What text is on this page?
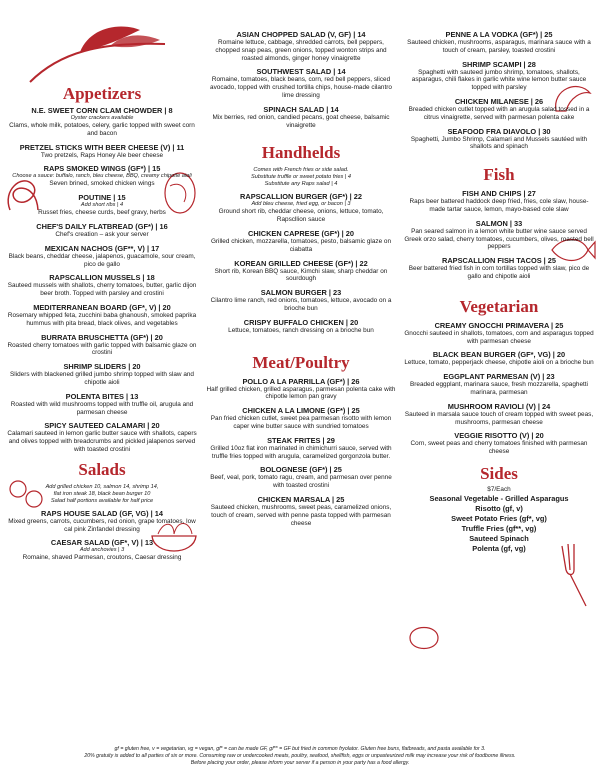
Appetizers
N.E. SWEET CORN CLAM CHOWDER | 8
Oyster crackers available
Clams, whole milk, potatoes, celery, garlic topped with sweet corn and bacon
PRETZEL STICKS WITH BEER CHEESE (V) | 11
Two pretzels, Raps Honey Ale beer cheese
RAPS SMOKED WINGS (GF*) | 15
Choose a sauce: buffalo, ranch, bleu cheese, BBQ, creamy chipotle aioli
Seven brined, smoked chicken wings
POUTINE | 15
Add short ribs | 4
Russet fries, cheese curds, beef gravy, herbs
CHEF'S DAILY FLATBREAD (GF*) | 16
Chef's creation – ask your server
MEXICAN NACHOS (GF**, V) | 17
Black beans, cheddar cheese, jalapenos, guacamole, sour cream, pico de gallo
RAPSCALLION MUSSELS | 18
Sauteed mussels with shallots, cherry tomatoes, butter, garlic dijon beer broth. Topped with parsley and crostini
MEDITERRANEAN BOARD (GF*, V) | 20
Rosemary whipped feta, zucchini baba ghanoush, smoked paprika hummus with pita bread, black olives, and vegetables
BURRATA BRUSCHETTA (GF*) | 20
Roasted cherry tomatoes with garlic topped with balsamic glaze on crostini
SHRIMP SLIDERS | 20
Sliders with blackened grilled jumbo shrimp topped with slaw and chipotle aioli
POLENTA BITES | 13
Roasted with wild mushrooms topped with truffle oil, arugula and parmesan cheese
SPICY SAUTEED CALAMARI | 20
Calamari sauteed in lemon garlic butter sauce with shallots, capers and olives topped with breadcrumbs and pickled jalapenos served with toasted crostini
Salads
Add grilled chicken 10, salmon 14, shrimp 14,
flat iron steak 18, black bean burger 10
Salad half portions available for half price
RAPS HOUSE SALAD (GF, VG) | 14
Mixed greens, carrots, cucumbers, red onion, grape tomatoes, low cal pink Zinfandel dressing
CAESAR SALAD (GF*, V) | 13
Add anchovies | 3
Romaine, shaved Parmesan, croutons, Caesar dressing
ASIAN CHOPPED SALAD (V, GF) | 14
Romaine lettuce, cabbage, shredded carrots, bell peppers, chopped snap peas, green onions, topped wonton strips and roasted almonds, ginger honey vinaigrette
SOUTHWEST SALAD | 14
Romaine, tomatoes, black beans, corn, red bell peppers, sliced avocado, topped with crushed tortilla chips, house-made cilantro lime dressing
SPINACH SALAD | 14
Mix berries, red onion, candied pecans, goat cheese, balsamic vinaigrette
Handhelds
Comes with French fries or side salad.
Substitute truffle or sweet potato fries | 4
Substitute any Raps salad | 4
RAPSCALLION BURGER (GF*) | 22
Add bleu cheese, fried egg, or bacon | 3
Ground short rib, cheddar cheese, onions, lettuce, tomato, Rapscllion sauce
CHICKEN CAPRESE (GF*) | 20
Grilled chicken, mozzarella, tomatoes, pesto, balsamic glaze on ciabatta
KOREAN GRILLED CHEESE (GF*) | 22
Short rib, Korean BBQ sauce, Kimchi slaw, sharp cheddar on sourdough
SALMON BURGER | 23
Cilantro lime ranch, red onions, tomatoes, lettuce, avocado on a brioche bun
CRISPY BUFFALO CHICKEN | 20
Lettuce, tomatoes, ranch dressing on a brioche bun
Meat/Poultry
POLLO A LA PARRILLA (GF*) | 26
Half grilled chicken, grilled asparagus, parmesan polenta cake with chipotle lemon pan gravy
CHICKEN A LA LIMONE (GF*) | 25
Pan fried chicken cutlet, sweet pea parmesan risotto with lemon caper wine butter sauce with sundried tomatoes
STEAK FRITES | 29
Grilled 10oz flat iron marinated in chimichurri sauce, served with truffle fries topped with arugula, caramelized gorgonzola butter.
BOLOGNESE (GF*) | 25
Beef, veal, pork, tomato ragu, cream, and parmesan over penne with toasted crostini
CHICKEN MARSALA | 25
Sauteed chicken, mushrooms, sweet peas, caramelized onions, touch of cream, served with penne pasta topped with parmesan cheese
PENNE A LA VODKA (GF*) | 25
Sauteed chicken, mushrooms, asparagus, marinara sauce with a touch of cream, parsley, toasted crostini
SHRIMP SCAMPI | 28
Spaghetti with sauteed jumbo shrimp, tomatoes, shallots, asparagus, chili flakes in garlic white wine lemon butter sauce topped with parsley
CHICKEN MILANESE | 26
Breaded chicken cutlet topped with an arugula salad tossed in a citrus vinaigrette, served with parmesan polenta cake
SEAFOOD FRA DIAVOLO | 30
Spaghetti, Jumbo Shrimp, Calamari and Mussels sautéed with shallots and spinach
Fish
FISH AND CHIPS | 27
Raps beer battered haddock deep fried, fries, cole slaw, house-made tartar sauce, lemon, mayo-based cole slaw
SALMON | 33
Pan seared salmon in a lemon white butter wine sauce served Greek orzo salad, cherry tomatoes, cucumbers, olives, roasted bell peppers
RAPSCALLION FISH TACOS | 25
Beer battered fried fish in corn tortillas topped with slaw, pico de gallo and chipotle aioli
Vegetarian
CREAMY GNOCCHI PRIMAVERA | 25
Gnocchi sauteed in shallots, tomatoes, corn and asparagus topped with parmesan cheese
BLACK BEAN BURGER (GF*, VG) | 20
Lettuce, tomato, pepperjack cheese, chipotle aioli on a brioche bun
EGGPLANT PARMESAN (V) | 23
Breaded eggplant, marinara sauce, fresh mozzarella, spaghetti marinara, parmesan
MUSHROOM RAVIOLI (V) | 24
Sauteed in marsala sauce touch of cream topped with sweet peas, mushrooms, parmesan cheese
VEGGIE RISOTTO (V) | 20
Corn, sweet peas and cherry tomatoes finished with parmesan cheese
Sides
$7/Each
Seasonal Vegetable - Grilled Asparagus
Risotto (gf, v)
Sweet Potato Fries (gf*, vg)
Truffle Fries (gf**, vg)
Sauteed Spinach
Polenta (gf, vg)
gf = gluten free, v = vegetarian, vg = vegan, gf* = can be made GF, gf** = GF but fried in common fryolator. Gluten free buns, flatbreads, and pasta available for 3.
20% gratuity is added to all parties of six or more. Consuming raw or undercooked meats, poultry, seafood, shellfish, eggs or unpasteurized milk may increase your risk of foodborne illness.
Before placing your order, please inform your server if a person in your party has a food allergy.
